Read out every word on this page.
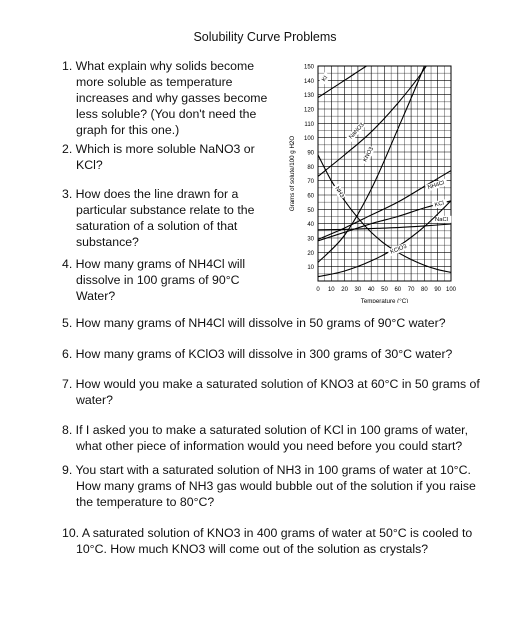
Solubility Curve Problems
1. What explain why solids become
more soluble as temperature
increases and why gasses become
less soluble? (You don't need the
graph for this one.)
2. Which is more soluble NaNO3 or
KCl?
3. How does the line drawn for a
particular substance relate to the
saturation of a solution of that
substance?
4. How many grams of NH4Cl will
dissolve in 100 grams of 90°C
Water?
5. How many grams of NH4Cl will dissolve in 50 grams of 90°C water?
6. How many grams of KClO3 will dissolve in 300 grams of 30°C water?
7. How would you make a saturated solution of KNO3 at 60°C in 50 grams of
water?
8. If I asked you to make a saturated solution of KCl in 100 grams of water,
what other piece of information would you need before you could start?
9. You start with a saturated solution of NH3 in 100 grams of water at 10°C.
How many grams of NH3 gas would bubble out of the solution if you raise
the temperature to 80°C?
10. A saturated solution of KNO3 in 400 grams of water at 50°C is cooled to
10°C. How much KNO3 will come out of the solution as crystals?
10
20
30
40
50
60
70
80
90
100
110
120
130
140
150
0 10 20 30 40 50 60 70 80 90 100
Temperature (°C)
Grams of solute/100 g H2O
KI
NaNO3
KNO3
NH3
NH4Cl
KCl
NaCl
KClO3
